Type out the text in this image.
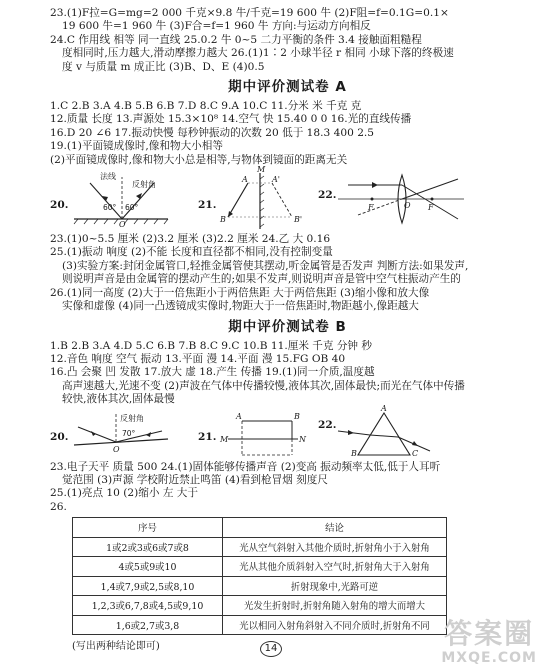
23.(1)F拉=G=mg=2 000 千克×9.8 牛/千克=19 600 牛 (2)F阻=f=0.1G=0.1×
19 600 牛=1 960 牛 (3)F合=f=1 960 牛 方向:与运动方向相反
24.C 作用线 相等 同一直线 25.0.2 牛 0~5 二力平衡的条件 3.4 接触面粗糙程
度相同时,压力越大,滑动摩擦力越大 26.(1)1∶2 小球半径 r 相同 小球下落的终极速
度 v 与质量 m 成正比 (3)B、D、E (4)0.5
期中评价测试卷 A
1.C 2.B 3.A 4.B 5.B 6.B 7.D 8.C 9.A 10.C 11.分米 米 千克 克
12.质量 长度 13.声源处 15.3×10⁸ 14.空气 快 15.40 0 0 16.光的直线传播
16.D 20 ∠6 17.振动快慢 每秒钟振动的次数 20 低于 18.3 400 2.5
19.(1)平面镜成像时,像和物大小相等
(2)平面镜成像时,像和物大小总是相等,与物体到镜面的距离无关
20.
法线
反射角
60° 60°
O
21.
M
A	A'
B	B'
22.
F	F
O
23.(1)0~5.5 厘米 (2)3.2 厘米 (3)2.2 厘米 24.乙 大 0.16
25.(1)振动 响度 (2)不能 长度和直径都不相同,没有控制变量
(3)实验方案:封闭金属管口,轻推金属管使其摆动,听金属管是否发声 判断方法:如果发声,
则说明声音是由金属管的摆动产生的;如果不发声,则说明声音是管中空气柱振动产生的
26.(1)同一高度 (2)大于一倍焦距小于两倍焦距 大于两倍焦距 (3)缩小像和放大像
实像和虚像 (4)同一凸透镜成实像时,物距大于一倍焦距时,物距越小,像距越大
期中评价测试卷 B
1.B 2.B 3.A 4.D 5.C 6.B 7.B 8.C 9.C 10.B 11.厘米 千克 分钟 秒
12.音色 响度 空气 振动 13.平面 漫 14.平面 漫 15.FG OB 40
16.凸 会聚 凹 发散 17.放大 虚 18.产生 传播 19.(1)同一介质,温度越
高声速越大,光速不变 (2)声波在气体中传播较慢,液体其次,固体最快;而光在气体中传播
较快,液体其次,固体最慢
20.
反射角
70°
O
21. M	N
A	B
22.
A
B	C
23.电子天平 质量 500 24.(1)固体能够传播声音 (2)变高 振动频率太低,低于人耳听
觉范围 (3)声源 学校附近禁止鸣笛 (4)看到枪冒烟 刻度尺
25.(1)亮点 10 (2)缩小 左 大于
26.
序号	结论
1或2或3或6或7或8	光从空气斜射入其他介质时,折射角小于入射角
4或5或9或10	光从其他介质斜射入空气时,折射角大于入射角
1,4或7,9或2,5或8,10	折射现象中,光路可逆
1,2,3或6,7,8或4,5或9,10	光发生折射时,折射角随入射角的增大而增大
1,6或2,7或3,8	光以相同入射角斜射入不同介质时,折射角不同
(写出两种结论即可)	14	答案圈
MXQE.COM
